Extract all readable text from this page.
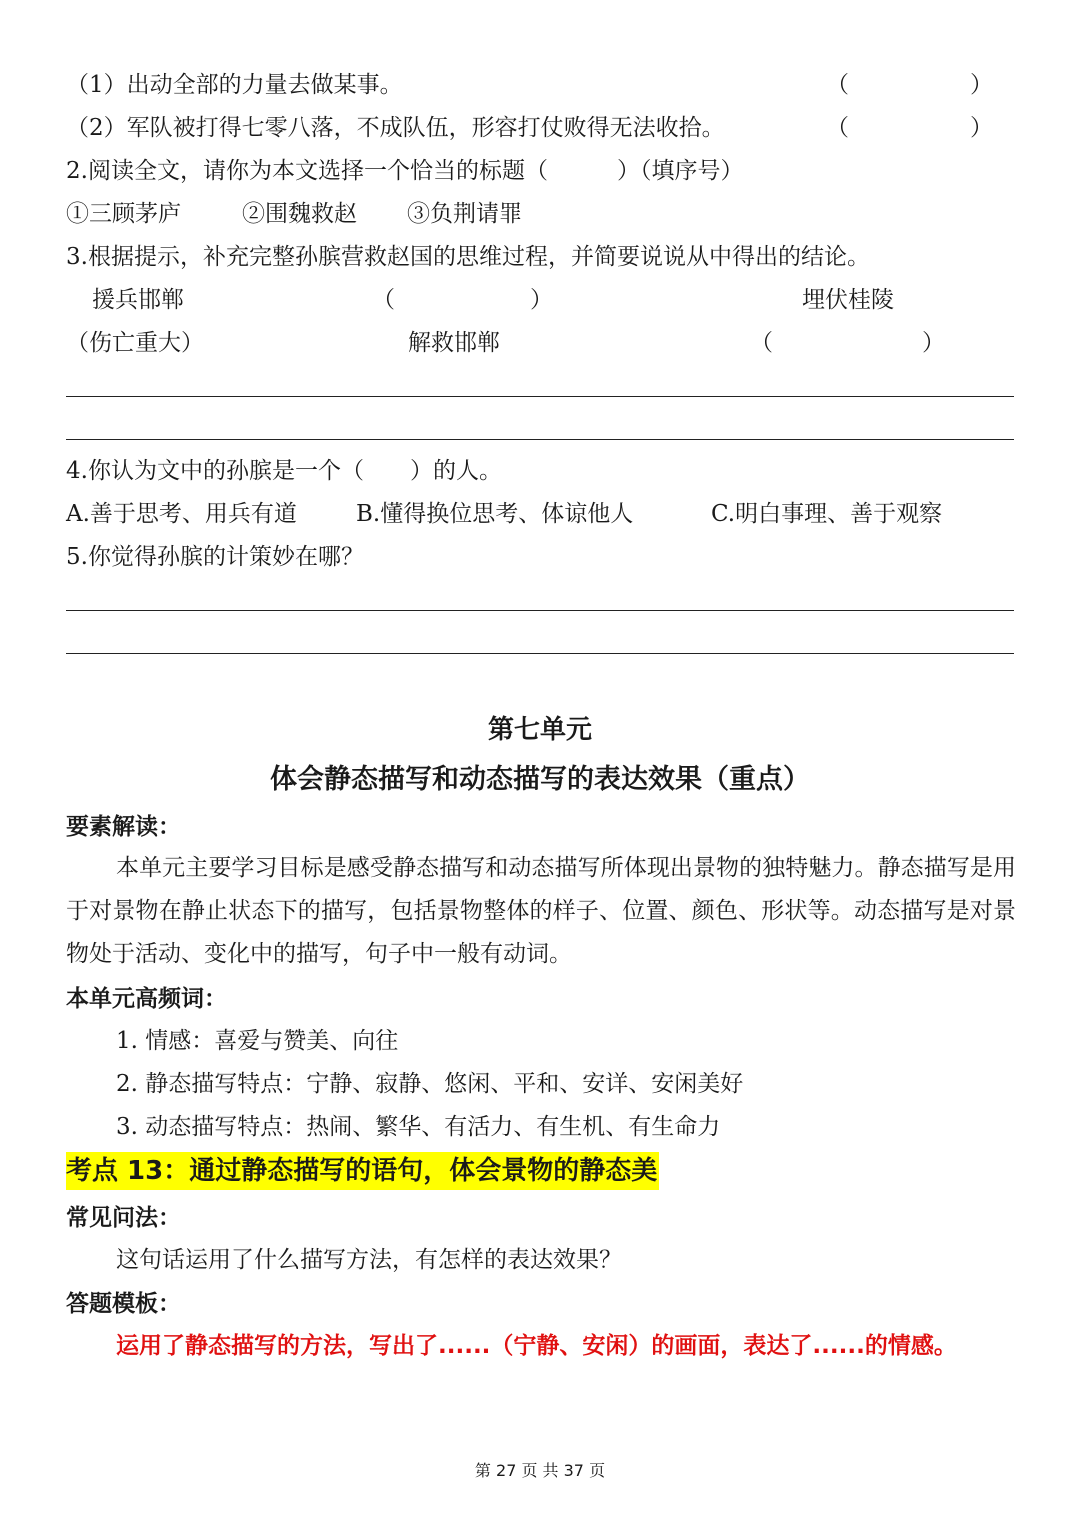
（1）出动全部的力量去做某事。	（	）
（2）军队被打得七零八落，不成队伍，形容打仗败得无法收拾。	（	）
2.阅读全文，请你为本文选择一个恰当的标题（　　　）（填序号）
①三顾茅庐	②围魏救赵 ③负荆请罪
3.根据提示，补充完整孙膑营救赵国的思维过程，并简要说说从中得出的结论。
援兵邯郸	（	）	埋伏桂陵
（伤亡重大）	解救邯郸	（	）
4.你认为文中的孙膑是一个（　　）的人。
A.善于思考、用兵有道	B.懂得换位思考、体谅他人	C.明白事理、善于观察
5.你觉得孙膑的计策妙在哪？
第七单元
体会静态描写和动态描写的表达效果（重点）
要素解读：
本单元主要学习目标是感受静态描写和动态描写所体现出景物的独特魅力。静态描写是用于对景物在静止状态下的描写，包括景物整体的样子、位置、颜色、形状等。动态描写是对景物处于活动、变化中的描写，句子中一般有动词。
本单元高频词：
1. 情感：喜爱与赞美、向往
2. 静态描写特点：宁静、寂静、悠闲、平和、安详、安闲美好
3. 动态描写特点：热闹、繁华、有活力、有生机、有生命力
考点 13：通过静态描写的语句，体会景物的静态美
常见问法：
这句话运用了什么描写方法，有怎样的表达效果？
答题模板：
运用了静态描写的方法，写出了......（宁静、安闲）的画面，表达了......的情感。
第 27 页 共 37 页
